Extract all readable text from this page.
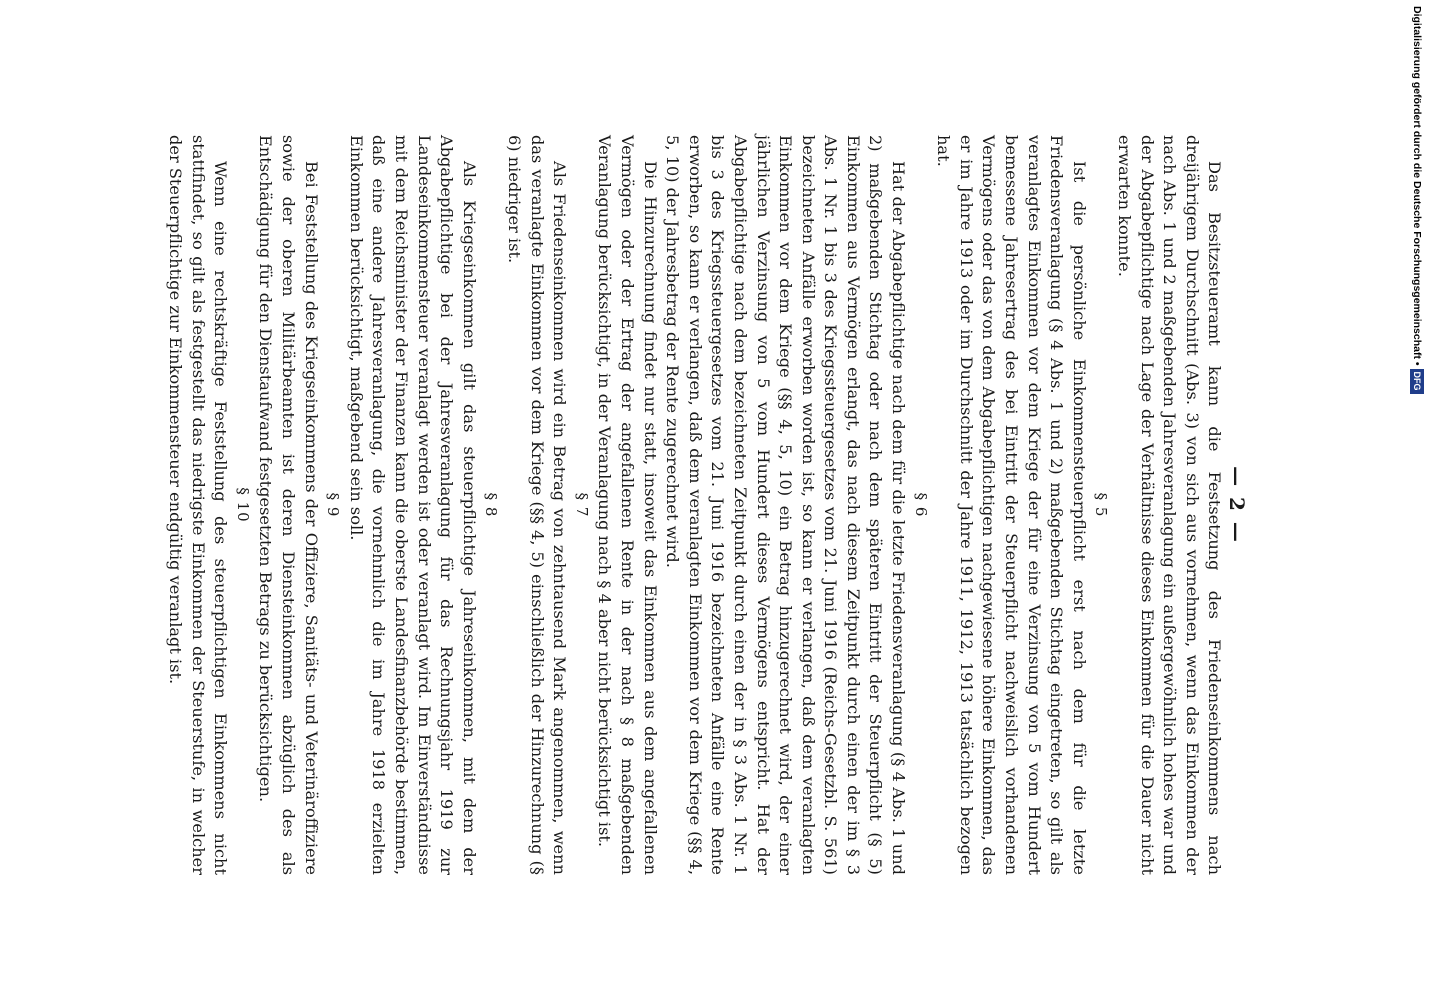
— 2 —

Das Besitzsteueramt kann die Festsetzung des Friedenseinkommens nach dreijährigem Durchschnitt (Abs. 3) von sich aus vornehmen, wenn das Einkommen der nach Abs. 1 und 2 maßgebenden Jahresveranlagung ein außergewöhnlich hohes war und der Abgabepflichtige nach Lage der Verhältnisse dieses Einkommen für die Dauer nicht erwarten konnte.

§ 5

Ist die persönliche Einkommensteuerpflicht erst nach dem für die letzte Friedensveranlagung (§ 4 Abs. 1 und 2) maßgebenden Stichtag eingetreten, so gilt als veranlagtes Einkommen vor dem Kriege der für eine Verzinsung von 5 vom Hundert bemessene Jahresertrag des bei Eintritt der Steuerpflicht nachweislich vorhandenen Vermögens oder das von dem Abgabepflichtigen nachgewiesene höhere Einkommen, das er im Jahre 1913 oder im Durchschnitt der Jahre 1911, 1912, 1913 tatsächlich bezogen hat.

§ 6

Hat der Abgabepflichtige nach dem für die letzte Friedensveranlagung (§ 4 Abs. 1 und 2) maßgebenden Stichtag oder nach dem späteren Eintritt der Steuerpflicht (§ 5) Einkommen aus Vermögen erlangt, das nach diesem Zeitpunkt durch einen der im § 3 Abs. 1 Nr. 1 bis 3 des Kriegssteuergesetzes vom 21. Juni 1916 (Reichs-Gesetzbl. S. 561) bezeichneten Anfälle erworben worden ist, so kann er verlangen, daß dem veranlagten Einkommen vor dem Kriege (§§ 4, 5, 10) ein Betrag hinzugerechnet wird, der einer jährlichen Verzinsung von 5 vom Hundert dieses Vermögens entspricht. Hat der Abgabepflichtige nach dem bezeichneten Zeitpunkt durch einen der in § 3 Abs. 1 Nr. 1 bis 3 des Kriegssteuergesetzes vom 21. Juni 1916 bezeichneten Anfälle eine Rente erworben, so kann er verlangen, daß dem veranlagten Einkommen vor dem Kriege (§§ 4, 5, 10) der Jahresbetrag der Rente zugerechnet wird.

Die Hinzurechnung findet nur statt, insoweit das Einkommen aus dem angefallenen Vermögen oder der Ertrag der angefallenen Rente in der nach § 8 maßgebenden Veranlagung berücksichtigt, in der Veranlagung nach § 4 aber nicht berücksichtigt ist.

§ 7

Als Friedenseinkommen wird ein Betrag von zehntausend Mark angenommen, wenn das veranlagte Einkommen vor dem Kriege (§§ 4, 5) einschließlich der Hinzurechnung (§ 6) niedriger ist.

§ 8

Als Kriegseinkommen gilt das steuerpflichtige Jahreseinkommen, mit dem der Abgabepflichtige bei der Jahresveranlagung für das Rechnungsjahr 1919 zur Landeseinkommensteuer veranlagt werden ist oder veranlagt wird. Im Einverständnisse mit dem Reichsminister der Finanzen kann die oberste Landesfinanzbehörde bestimmen, daß eine andere Jahresveranlagung, die vornehmlich die im Jahre 1918 erzielten Einkommen berücksichtigt, maßgebend sein soll.

§ 9

Bei Feststellung des Kriegseinkommens der Offiziere, Sanitäts- und Veterinäroffiziere sowie der oberen Militärbeamten ist deren Diensteinkommen abzüglich des als Entschädigung für den Dienstaufwand festgesetzten Betrags zu berücksichtigen.

§ 10

Wenn eine rechtskräftige Feststellung des steuerpflichtigen Einkommens nicht stattfindet, so gilt als festgestellt das niedrigste Einkommen der Steuerstufe, in welcher der Steuerpflichtige zur Einkommensteuer endgültig veranlagt ist.	Digitalisierung gefördert durch die Deutsche Forschungsgemeinschaft • DFG
